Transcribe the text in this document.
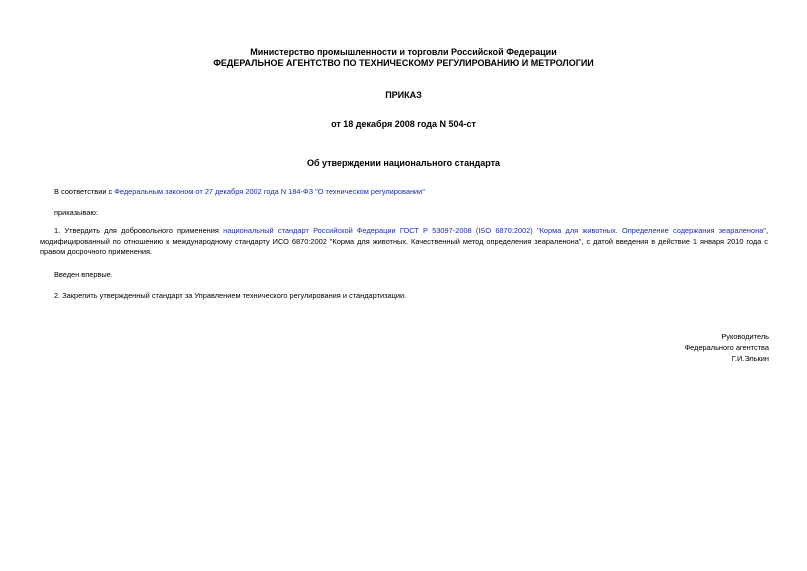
Министерство промышленности и торговли Российской Федерации
ФЕДЕРАЛЬНОЕ АГЕНТСТВО ПО ТЕХНИЧЕСКОМУ РЕГУЛИРОВАНИЮ И МЕТРОЛОГИИ
ПРИКАЗ
от 18 декабря 2008 года N 504-ст
Об утверждении национального стандарта
В соответствии с Федеральным законом от 27 декабря 2002 года N 184-ФЗ "О техническом регулировании"
приказываю:
1. Утвердить для добровольного применения национальный стандарт Российской Федерации ГОСТ Р 53097-2008 (ISO 6870:2002) "Корма для животных. Определение содержания зеараленона", модифицированный по отношению к международному стандарту ИСО 6870:2002 "Корма для животных. Качественный метод определения зеараленона", с датой введения в действие 1 января 2010 года с правом досрочного применения.
Введен впервые.
2. Закрепить утвержденный стандарт за Управлением технического регулирования и стандартизации.
Руководитель
Федерального агентства
Г.И.Элькин
